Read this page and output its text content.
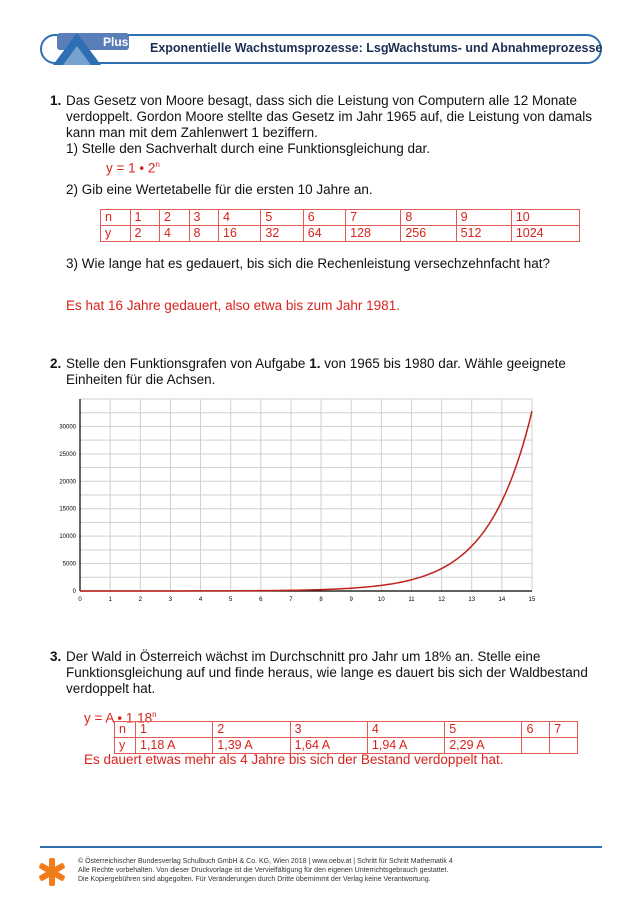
Plus Exponentielle Wachstumsprozesse: Lsg.
Wachstums- und Abnahmeprozesse
1. Das Gesetz von Moore besagt, dass sich die Leistung von Computern alle 12 Monate
verdoppelt. Gordon Moore stellte das Gesetz im Jahr 1965 auf, die Leistung von damals
kann man mit dem Zahlenwert 1 beziffern.
1) Stelle den Sachverhalt durch eine Funktionsgleichung dar.
y = 1 • 2$^n$
2) Gib eine Wertetabelle für die ersten 10 Jahre an.
n	1	2	3	4	5	6	7	8	9	10
y	2	4	8	16	32	64	128	256	512	1024
3) Wie lange hat es gedauert, bis sich die Rechenleistung versechzehnfacht hat?
Es hat 16 Jahre gedauert, also etwa bis zum Jahr 1981.
2. Stelle den Funktionsgrafen von Aufgabe 1. von 1965 bis 1980 dar. Wähle geeignete
Einheiten für die Achsen.
0	1	2	3	4	5	6	7	8	9	10	11	12	13	14	15
0
5000
10000
15000
20000
25000
30000
3. Der Wald in Österreich wächst im Durchschnitt pro Jahr um 18% an. Stelle eine
Funktionsgleichung auf und finde heraus, wie lange es dauert bis sich der Waldbestand
verdoppelt hat.
y = A • 1,18$^n$
n	1	2	3	4	5	6	7
y	1,18 A	1,39 A	1,64 A	1,94 A	2,29 A		
Es dauert etwas mehr als 4 Jahre bis sich der Bestand verdoppelt hat.
© Österreichischer Bundesverlag Schulbuch GmbH & Co. KG, Wien 2018 | www.oebv.at | Schritt für Schritt Mathematik 4
Alle Rechte vorbehalten. Von dieser Druckvorlage ist die Vervielfältigung für den eigenen Unterrichtsgebrauch gestattet.
Die Kopiergebühren sind abgegolten. Für Veränderungen durch Dritte übernimmt der Verlag keine Verantwortung.
